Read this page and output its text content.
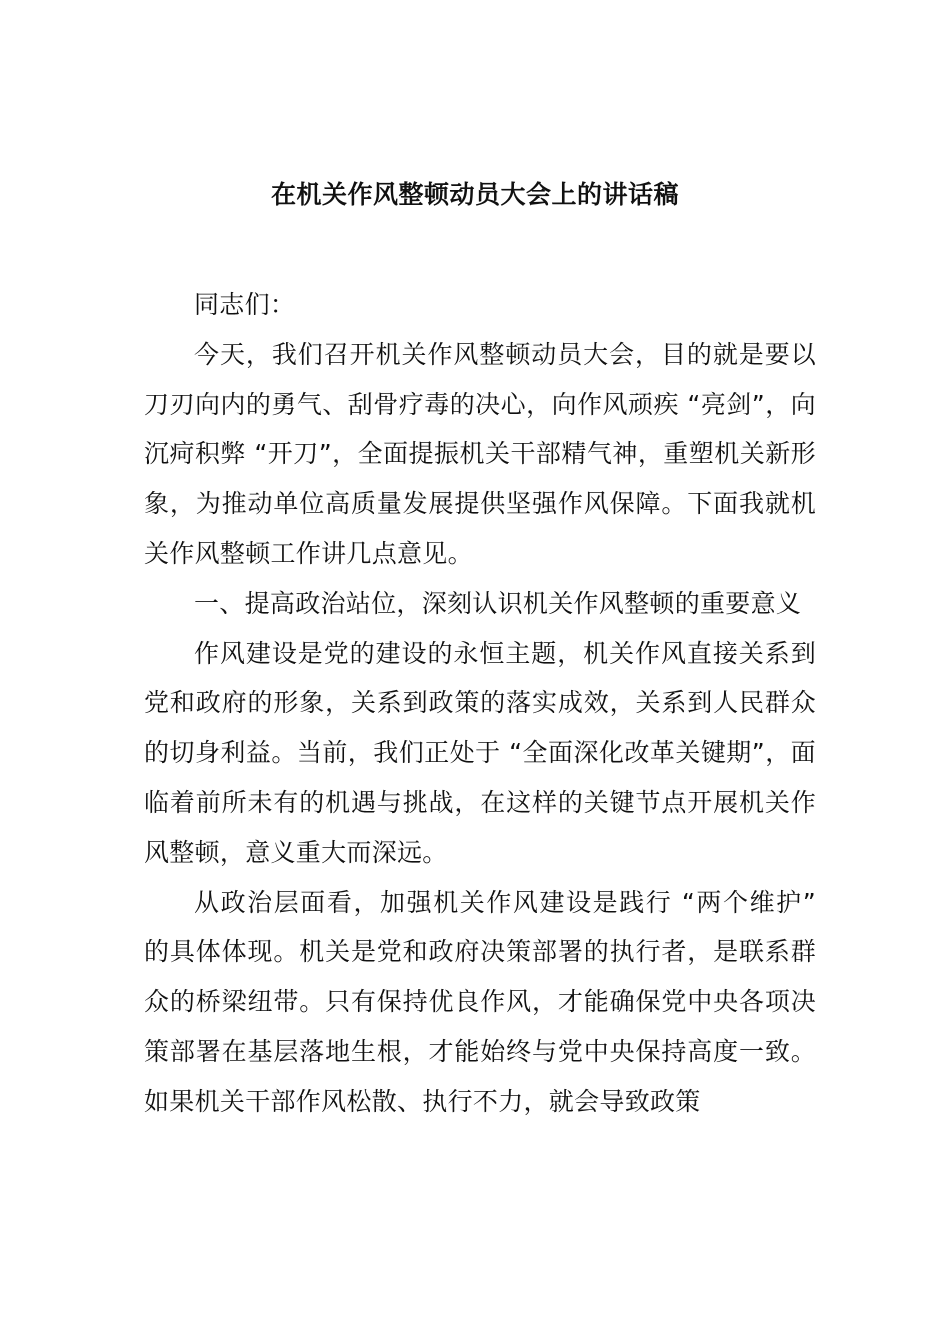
在机关作风整顿动员大会上的讲话稿

同志们：

今天，我们召开机关作风整顿动员大会，目的就是要以刀刃向内的勇气、刮骨疗毒的决心，向作风顽疾 “亮剑”，向沉疴积弊 “开刀”，全面提振机关干部精气神，重塑机关新形象，为推动单位高质量发展提供坚强作风保障。下面我就机关作风整顿工作讲几点意见。

一、提高政治站位，深刻认识机关作风整顿的重要意义

作风建设是党的建设的永恒主题，机关作风直接关系到党和政府的形象，关系到政策的落实成效，关系到人民群众的切身利益。当前，我们正处于 “全面深化改革关键期”，面临着前所未有的机遇与挑战，在这样的关键节点开展机关作风整顿，意义重大而深远。

从政治层面看，加强机关作风建设是践行 “两个维护” 的具体体现。机关是党和政府决策部署的执行者，是联系群众的桥梁纽带。只有保持优良作风，才能确保党中央各项决策部署在基层落地生根，才能始终与党中央保持高度一致。如果机关干部作风松散、执行不力，就会导致政策
